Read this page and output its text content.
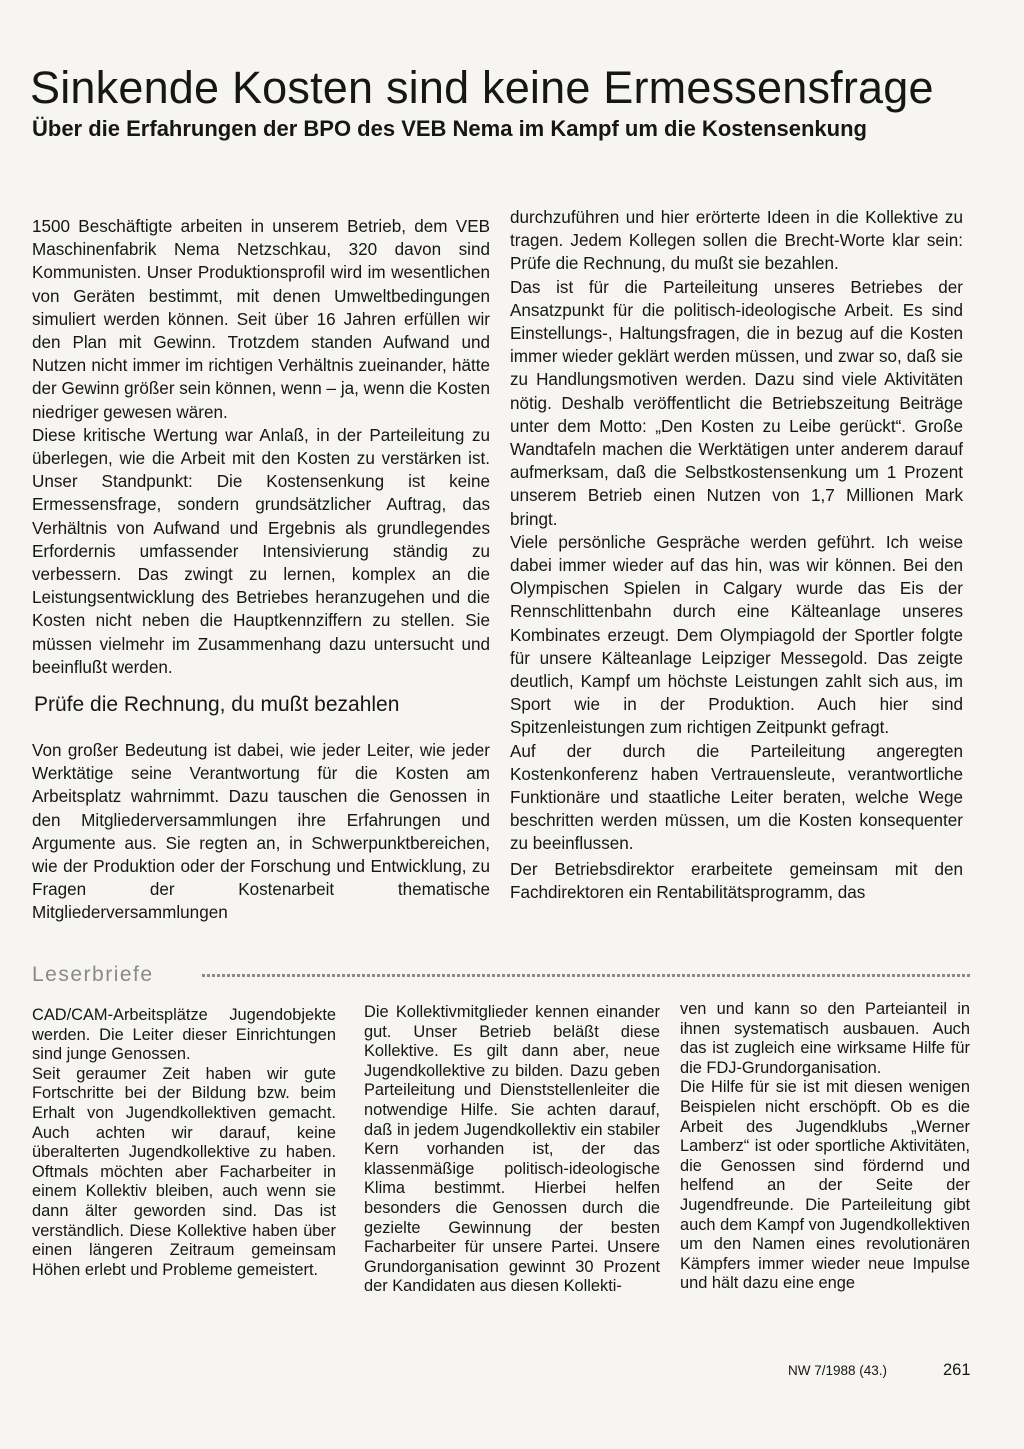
Sinkende Kosten sind keine Ermessensfrage
Über die Erfahrungen der BPO des VEB Nema im Kampf um die Kostensenkung

1500 Beschäftigte arbeiten in unserem Betrieb, dem VEB Maschinenfabrik Nema Netzschkau, 320 davon sind Kommunisten. Unser Produktionsprofil wird im wesentlichen von Geräten bestimmt, mit denen Umweltbedingungen simuliert werden können. Seit über 16 Jahren erfüllen wir den Plan mit Gewinn. Trotzdem standen Aufwand und Nutzen nicht immer im richtigen Verhältnis zueinander, hätte der Gewinn größer sein können, wenn – ja, wenn die Kosten niedriger gewesen wären.

Diese kritische Wertung war Anlaß, in der Parteileitung zu überlegen, wie die Arbeit mit den Kosten zu verstärken ist. Unser Standpunkt: Die Kostensenkung ist keine Ermessensfrage, sondern grundsätzlicher Auftrag, das Verhältnis von Aufwand und Ergebnis als grundlegendes Erfordernis umfassender Intensivierung ständig zu verbessern. Das zwingt zu lernen, komplex an die Leistungsentwicklung des Betriebes heranzugehen und die Kosten nicht neben die Hauptkennziffern zu stellen. Sie müssen vielmehr im Zusammenhang dazu untersucht und beeinflußt werden.

Prüfe die Rechnung, du mußt bezahlen

Von großer Bedeutung ist dabei, wie jeder Leiter, wie jeder Werktätige seine Verantwortung für die Kosten am Arbeitsplatz wahrnimmt. Dazu tauschen die Genossen in den Mitgliederversammlungen ihre Erfahrungen und Argumente aus. Sie regten an, in Schwerpunktbereichen, wie der Produktion oder der Forschung und Entwicklung, zu Fragen der Kostenarbeit thematische Mitgliederversammlungen

durchzuführen und hier erörterte Ideen in die Kollektive zu tragen. Jedem Kollegen sollen die Brecht-Worte klar sein: Prüfe die Rechnung, du mußt sie bezahlen.

Das ist für die Parteileitung unseres Betriebes der Ansatzpunkt für die politisch-ideologische Arbeit. Es sind Einstellungs-, Haltungsfragen, die in bezug auf die Kosten immer wieder geklärt werden müssen, und zwar so, daß sie zu Handlungsmotiven werden. Dazu sind viele Aktivitäten nötig. Deshalb veröffentlicht die Betriebszeitung Beiträge unter dem Motto: „Den Kosten zu Leibe gerückt“. Große Wandtafeln machen die Werktätigen unter anderem darauf aufmerksam, daß die Selbstkostensenkung um 1 Prozent unserem Betrieb einen Nutzen von 1,7 Millionen Mark bringt.

Viele persönliche Gespräche werden geführt. Ich weise dabei immer wieder auf das hin, was wir können. Bei den Olympischen Spielen in Calgary wurde das Eis der Rennschlittenbahn durch eine Kälteanlage unseres Kombinates erzeugt. Dem Olympiagold der Sportler folgte für unsere Kälteanlage Leipziger Messegold. Das zeigte deutlich, Kampf um höchste Leistungen zahlt sich aus, im Sport wie in der Produktion. Auch hier sind Spitzenleistungen zum richtigen Zeitpunkt gefragt.

Auf der durch die Parteileitung angeregten Kostenkonferenz haben Vertrauensleute, verantwortliche Funktionäre und staatliche Leiter beraten, welche Wege beschritten werden müssen, um die Kosten konsequenter zu beeinflussen.

Der Betriebsdirektor erarbeitete gemeinsam mit den Fachdirektoren ein Rentabilitätsprogramm, das

Leserbriefe

CAD/CAM-Arbeitsplätze Jugendobjekte werden. Die Leiter dieser Einrichtungen sind junge Genossen.

Seit geraumer Zeit haben wir gute Fortschritte bei der Bildung bzw. beim Erhalt von Jugendkollektiven gemacht. Auch achten wir darauf, keine überalterten Jugendkollektive zu haben. Oftmals möchten aber Facharbeiter in einem Kollektiv bleiben, auch wenn sie dann älter geworden sind. Das ist verständlich. Diese Kollektive haben über einen längeren Zeitraum gemeinsam Höhen erlebt und Probleme gemeistert.

Die Kollektivmitglieder kennen einander gut. Unser Betrieb beläßt diese Kollektive. Es gilt dann aber, neue Jugendkollektive zu bilden. Dazu geben Parteileitung und Dienststellenleiter die notwendige Hilfe. Sie achten darauf, daß in jedem Jugendkollektiv ein stabiler Kern vorhanden ist, der das klassenmäßige politisch-ideologische Klima bestimmt. Hierbei helfen besonders die Genossen durch die gezielte Gewinnung der besten Facharbeiter für unsere Partei. Unsere Grundorganisation gewinnt 30 Prozent der Kandidaten aus diesen Kollekti-

ven und kann so den Parteianteil in ihnen systematisch ausbauen. Auch das ist zugleich eine wirksame Hilfe für die FDJ-Grundorganisation.

Die Hilfe für sie ist mit diesen wenigen Beispielen nicht erschöpft. Ob es die Arbeit des Jugendklubs „Werner Lamberz“ ist oder sportliche Aktivitäten, die Genossen sind fördernd und helfend an der Seite der Jugendfreunde. Die Parteileitung gibt auch dem Kampf von Jugendkollektiven um den Namen eines revolutionären Kämpfers immer wieder neue Impulse und hält dazu eine enge

NW 7/1988 (43.)	261
